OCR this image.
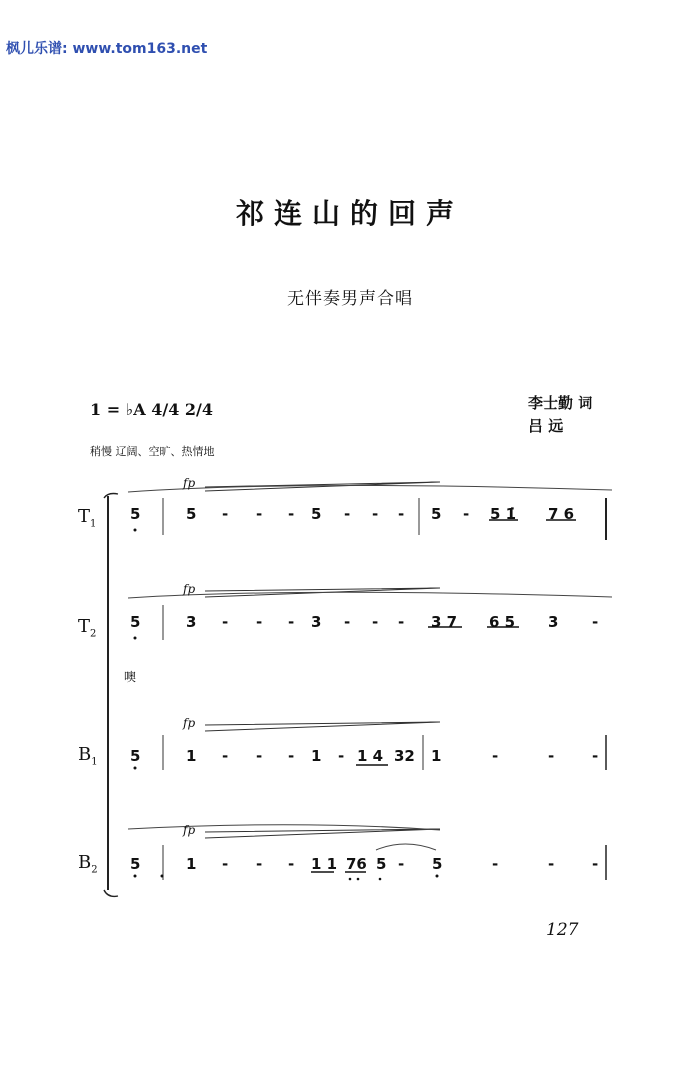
枫儿乐谱: www.tom163.net
祁连山的回声
无伴奏男声合唱
1 = ♭A 4/4 2/4	李士勤 词
吕 远
稍慢 辽阔、空旷、热情地
fp
fp
fp
fp
$T_1$
$T_2$
$B_1$
$B_2$
噢
5	5 - - - 5 - - - 5 - 5 1̇ 7 6
5	3 - - - 3 - - - 3 7 6 5 3 -
5	1 - - - 1 - 1 4 32 1	-	-	-
5	1 - - - 1 1 76 5 - 5	-	-	-
127
